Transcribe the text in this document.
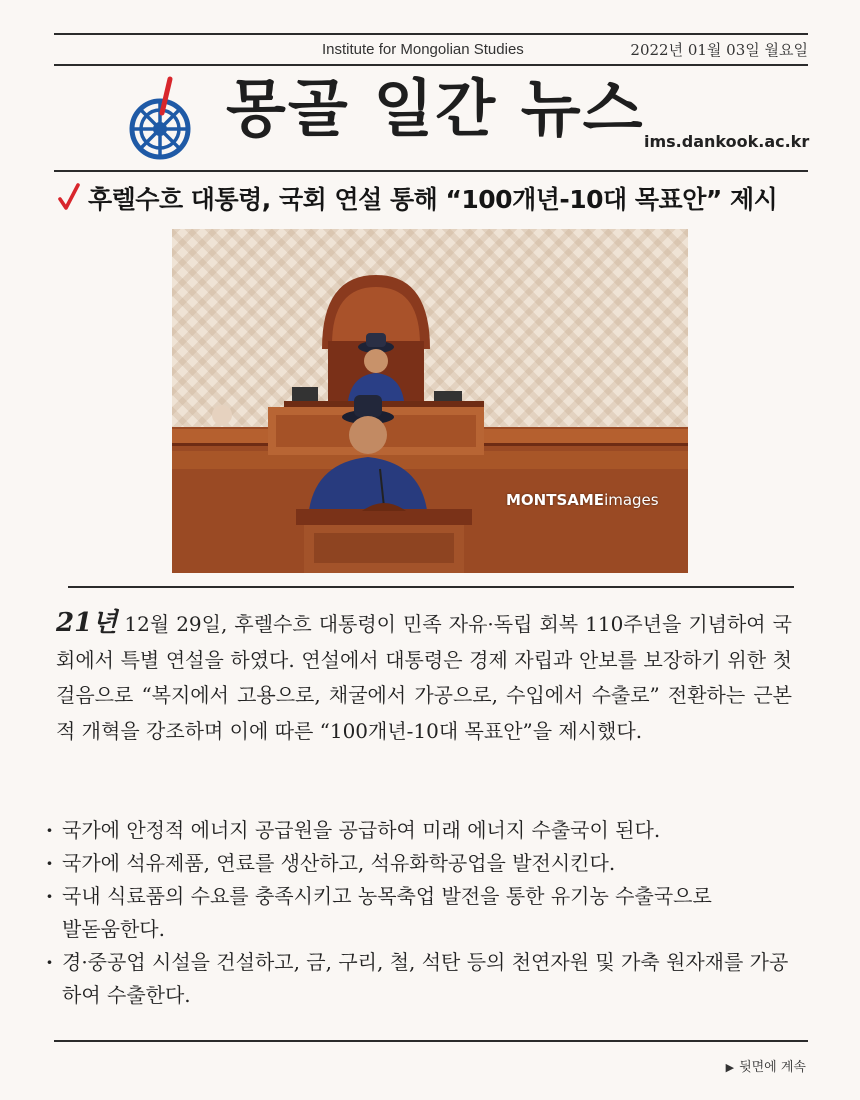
Institute for Mongolian Studies	2022년 01월 03일 월요일
몽골 일간 뉴스 ims.dankook.ac.kr
후렐수흐 대통령, 국회 연설 통해 “100개년-10대 목표안” 제시
MONTSAMEimages
21년 12월 29일, 후렐수흐 대통령이 민족 자유·독립 회복 110주년을 기념하여 국회에서 특별 연설을 하였다. 연설에서 대통령은 경제 자립과 안보를 보장하기 위한 첫걸음으로 “복지에서 고용으로, 채굴에서 가공으로, 수입에서 수출로” 전환하는 근본적 개혁을 강조하며 이에 따른 “100개년-10대 목표안”을 제시했다.
· 국가에 안정적 에너지 공급원을 공급하여 미래 에너지 수출국이 된다.
· 국가에 석유제품, 연료를 생산하고, 석유화학공업을 발전시킨다.
· 국내 식료품의 수요를 충족시키고 농목축업 발전을 통한 유기농 수출국으로 발돋움한다.
· 경·중공업 시설을 건설하고, 금, 구리, 철, 석탄 등의 천연자원 및 가축 원자재를 가공하여 수출한다.
▶ 뒷면에 계속
